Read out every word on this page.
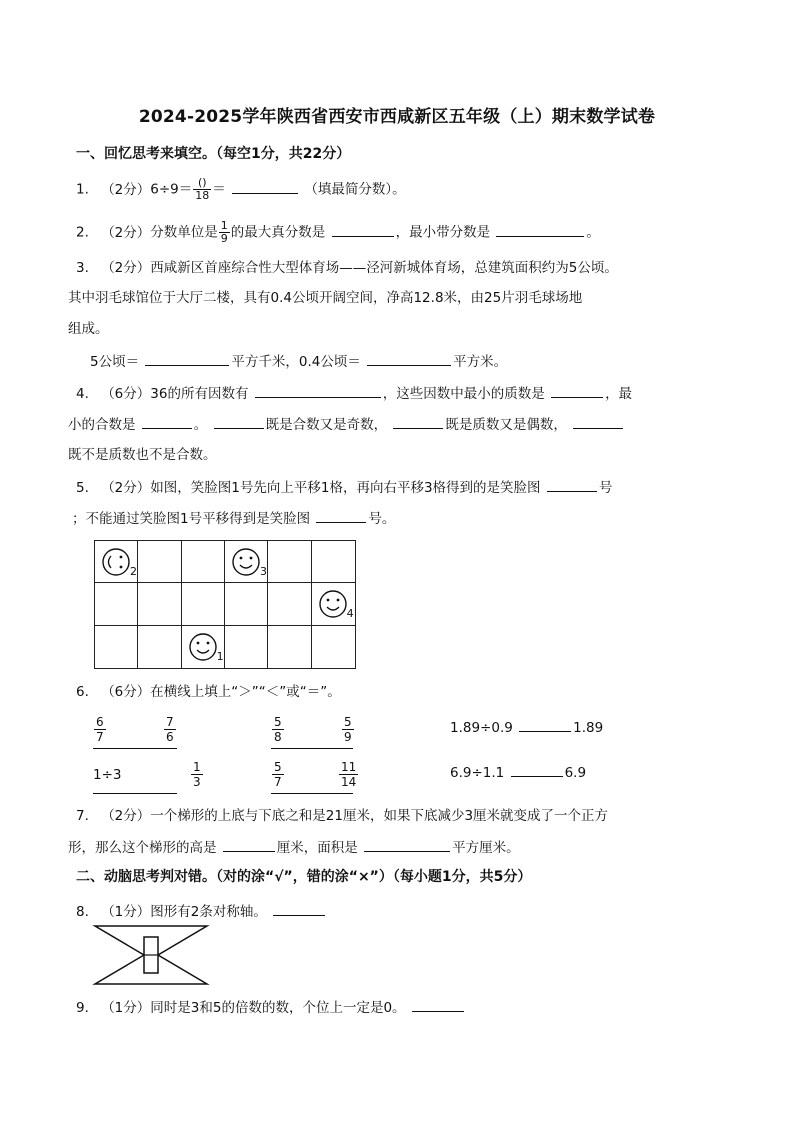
2024-2025学年陕西省西安市西咸新区五年级（上）期末数学试卷
一、回忆思考来填空。（每空1分，共22分）
1. （2分）$6\div 9= \frac{()}{18}$ ＝	（填最简分数）。
2. （2分）分数单位是 $\frac{1}{9}$ 的最大真分数是	，最小带分数是	。
3. （2分）西咸新区首座综合性大型体育场——泾河新城体育场，总建筑面积约为5公顷。
其中羽毛球馆位于大厅二楼，具有0.4公顷开阔空间，净高12.8米，由25片羽毛球场地
组成。
5公顷＝	平方千米，0.4公顷＝	平方米。
4. （6分）36的所有因数有	，这些因数中最小的质数是	，最
小的合数是	。	既是合数又是奇数，	既是质数又是偶数，
既不是质数也不是合数。
5. （2分）如图，笑脸图1号先向上平移1格，再向右平移3格得到的是笑脸图	号
；不能通过笑脸图1号平移得到是笑脸图	号。
2	3
4
1
6. （6分）在横线上填上“＞”“＜”或“＝”。
$\frac{6}{7}$	$\frac{7}{6}$	$\frac{5}{8}$	$\frac{5}{9}$	1.89÷0.9	1.89
1÷3	$\frac{1}{3}$	$\frac{5}{7}$	$\frac{11}{14}$	6.9÷1.1	6.9
7. （2分）一个梯形的上底与下底之和是21厘米，如果下底减少3厘米就变成了一个正方
形，那么这个梯形的高是	厘米，面积是	平方厘米。
二、动脑思考判对错。（对的涂“√”，错的涂“×”）（每小题1分，共5分）
8. （1分）图形有2条对称轴。
9. （1分）同时是3和5的倍数的数，个位上一定是0。
